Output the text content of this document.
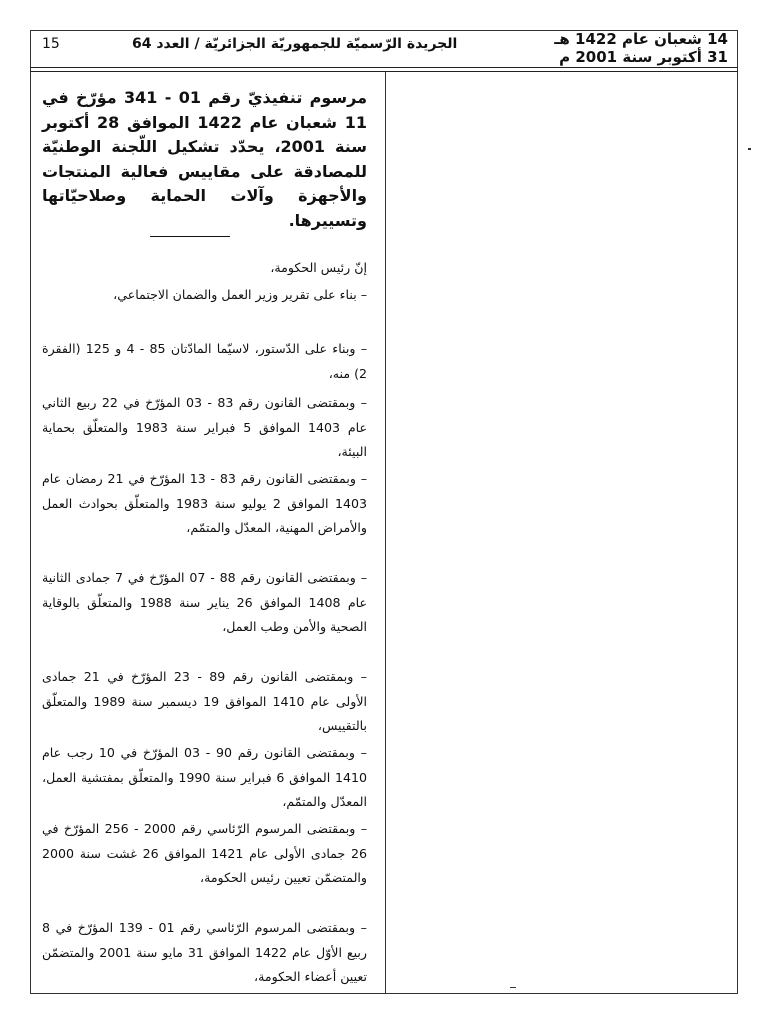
14 شعبان عام 1422 هـ
31 أكتوبر سنة 2001 م
الجريدة الرّسميّة للجمهوريّة الجزائريّة / العدد 64
15
مرسوم تنفيذيّ رقم 01 - 341 مؤرّخ في 11 شعبان عام 1422 الموافق 28 أكتوبر سنة 2001، يحدّد تشكيل اللّجنة الوطنيّة للمصادقة على مقاييس فعالية المنتجات والأجهزة وآلات الحماية وصلاحيّاتها وتسييرها.

إنّ رئيس الحكومة،

– بناء على تقرير وزير العمل والضمان الاجتماعي،

– وبناء على الدّستور، لاسيّما المادّتان 85 - 4 و 125 (الفقرة 2) منه،

– وبمقتضى القانون رقم 83 - 03 المؤرّخ في 22 ربيع الثاني عام 1403 الموافق 5 فبراير سنة 1983 والمتعلّق بحماية البيئة،

– وبمقتضى القانون رقم 83 - 13 المؤرّخ في 21 رمضان عام 1403 الموافق 2 يوليو سنة 1983 والمتعلّق بحوادث العمل والأمراض المهنية، المعدّل والمتمّم،

– وبمقتضى القانون رقم 88 - 07 المؤرّخ في 7 جمادى الثانية عام 1408 الموافق 26 يناير سنة 1988 والمتعلّق بالوقاية الصحية والأمن وطب العمل،

– وبمقتضى القانون رقم 89 - 23 المؤرّخ في 21 جمادى الأولى عام 1410 الموافق 19 ديسمبر سنة 1989 والمتعلّق بالتقييس،

– وبمقتضى القانون رقم 90 - 03 المؤرّخ في 10 رجب عام 1410 الموافق 6 فبراير سنة 1990 والمتعلّق بمفتشية العمل، المعدّل والمتمّم،

– وبمقتضى المرسوم الرّئاسي رقم 2000 - 256 المؤرّخ في 26 جمادى الأولى عام 1421 الموافق 26 غشت سنة 2000 والمتضمّن تعيين رئيس الحكومة،

– وبمقتضى المرسوم الرّئاسي رقم 01 - 139 المؤرّخ في 8 ربيع الأوّل عام 1422 الموافق 31 مايو سنة 2001 والمتضمّن تعيين أعضاء الحكومة،
